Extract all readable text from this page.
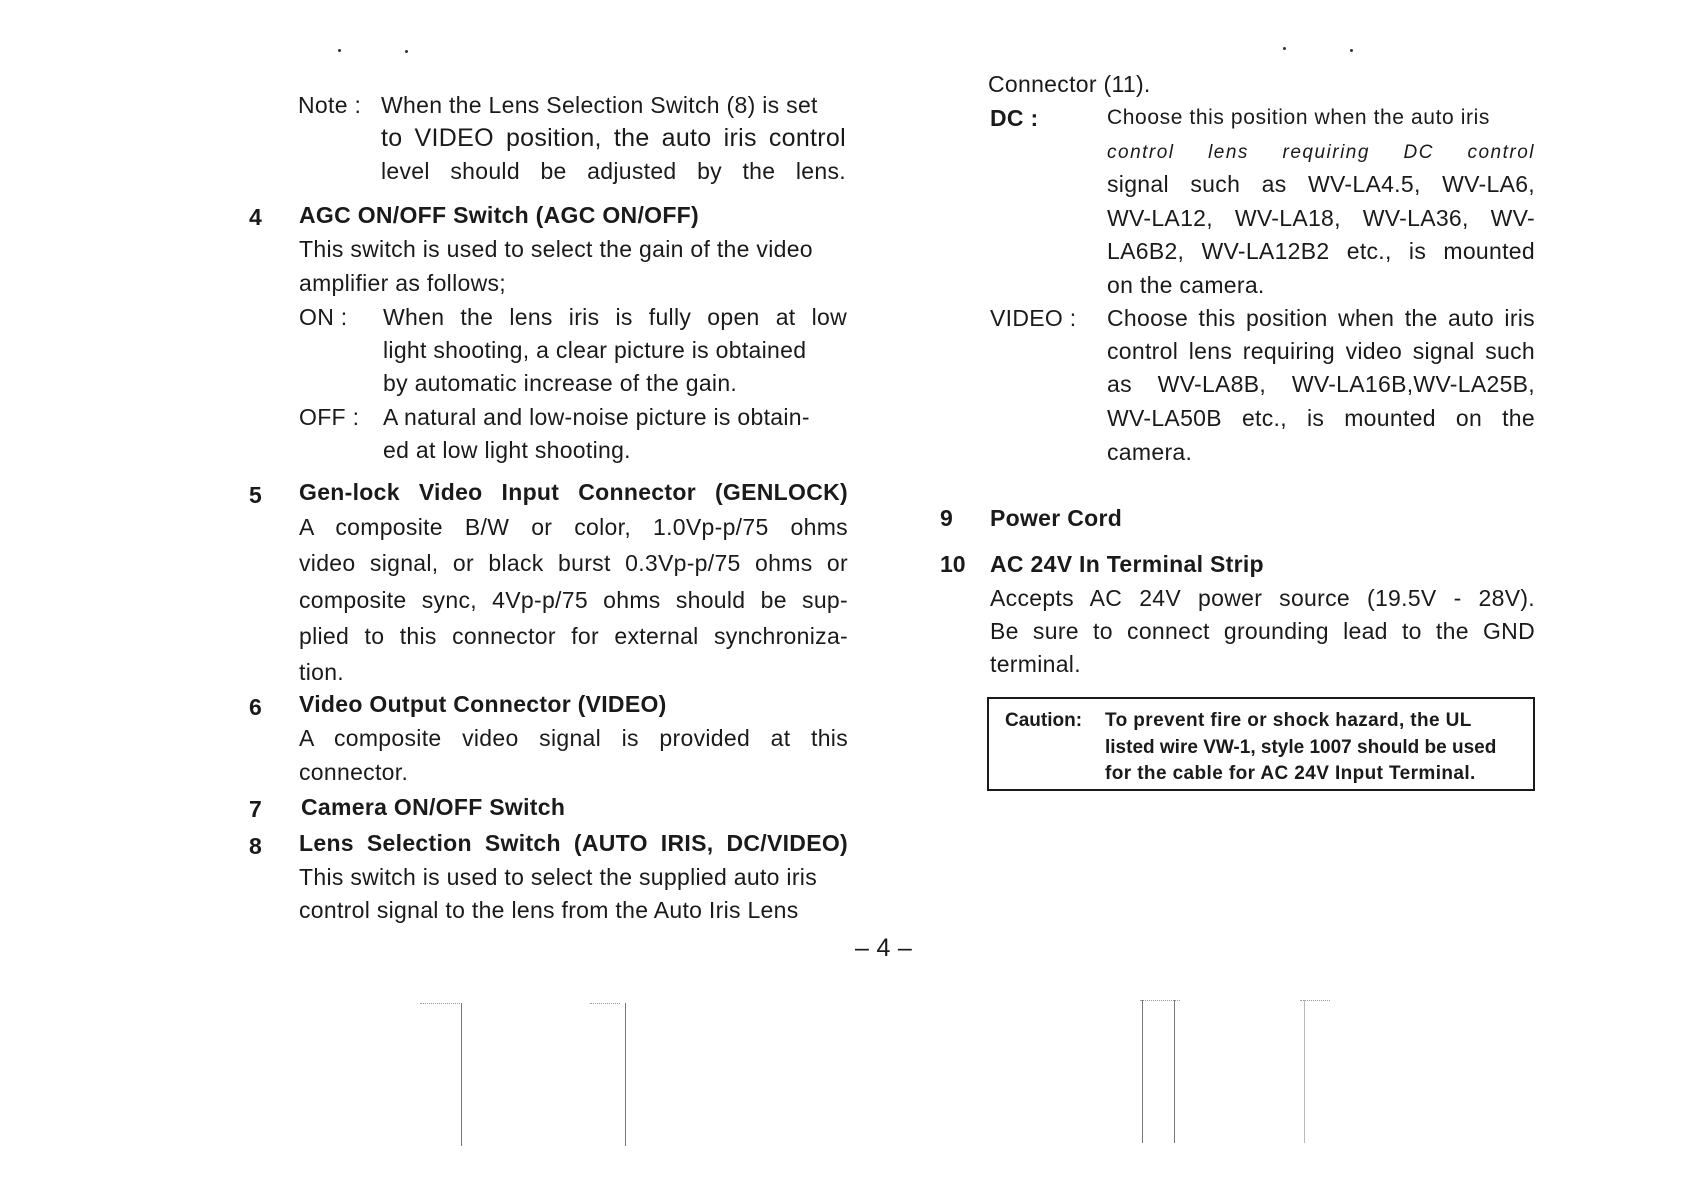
Note : When the Lens Selection Switch (8) is set
to VIDEO position, the auto iris control
level should be adjusted by the lens.
4 AGC ON/OFF Switch (AGC ON/OFF)
This switch is used to select the gain of the video
amplifier as follows;
ON : When the lens iris is fully open at low
light shooting, a clear picture is obtained
by automatic increase of the gain.
OFF : A natural and low-noise picture is obtain-
ed at low light shooting.
5 Gen-lock Video Input Connector (GENLOCK)
A composite B/W or color, 1.0Vp-p/75 ohms
video signal, or black burst 0.3Vp-p/75 ohms or
composite sync, 4Vp-p/75 ohms should be sup-
plied to this connector for external synchroniza-
tion.
6 Video Output Connector (VIDEO)
A composite video signal is provided at this
connector.
7 Camera ON/OFF Switch
8 Lens Selection Switch (AUTO IRIS, DC/VIDEO)
This switch is used to select the supplied auto iris
control signal to the lens from the Auto Iris Lens
Connector (11).
DC :	Choose this position when the auto iris
control lens requiring DC control
signal such as WV-LA4.5, WV-LA6,
WV-LA12, WV-LA18, WV-LA36, WV-
LA6B2, WV-LA12B2 etc., is mounted
on the camera.
VIDEO : Choose this position when the auto iris
control lens requiring video signal such
as WV-LA8B, WV-LA16B,WV-LA25B,
WV-LA50B etc., is mounted on the
camera.
9 Power Cord
10 AC 24V In Terminal Strip
Accepts AC 24V power source (19.5V - 28V).
Be sure to connect grounding lead to the GND
terminal.
Caution: To prevent fire or shock hazard, the UL
listed wire VW-1, style 1007 should be used
for the cable for AC 24V Input Terminal.
– 4 –
